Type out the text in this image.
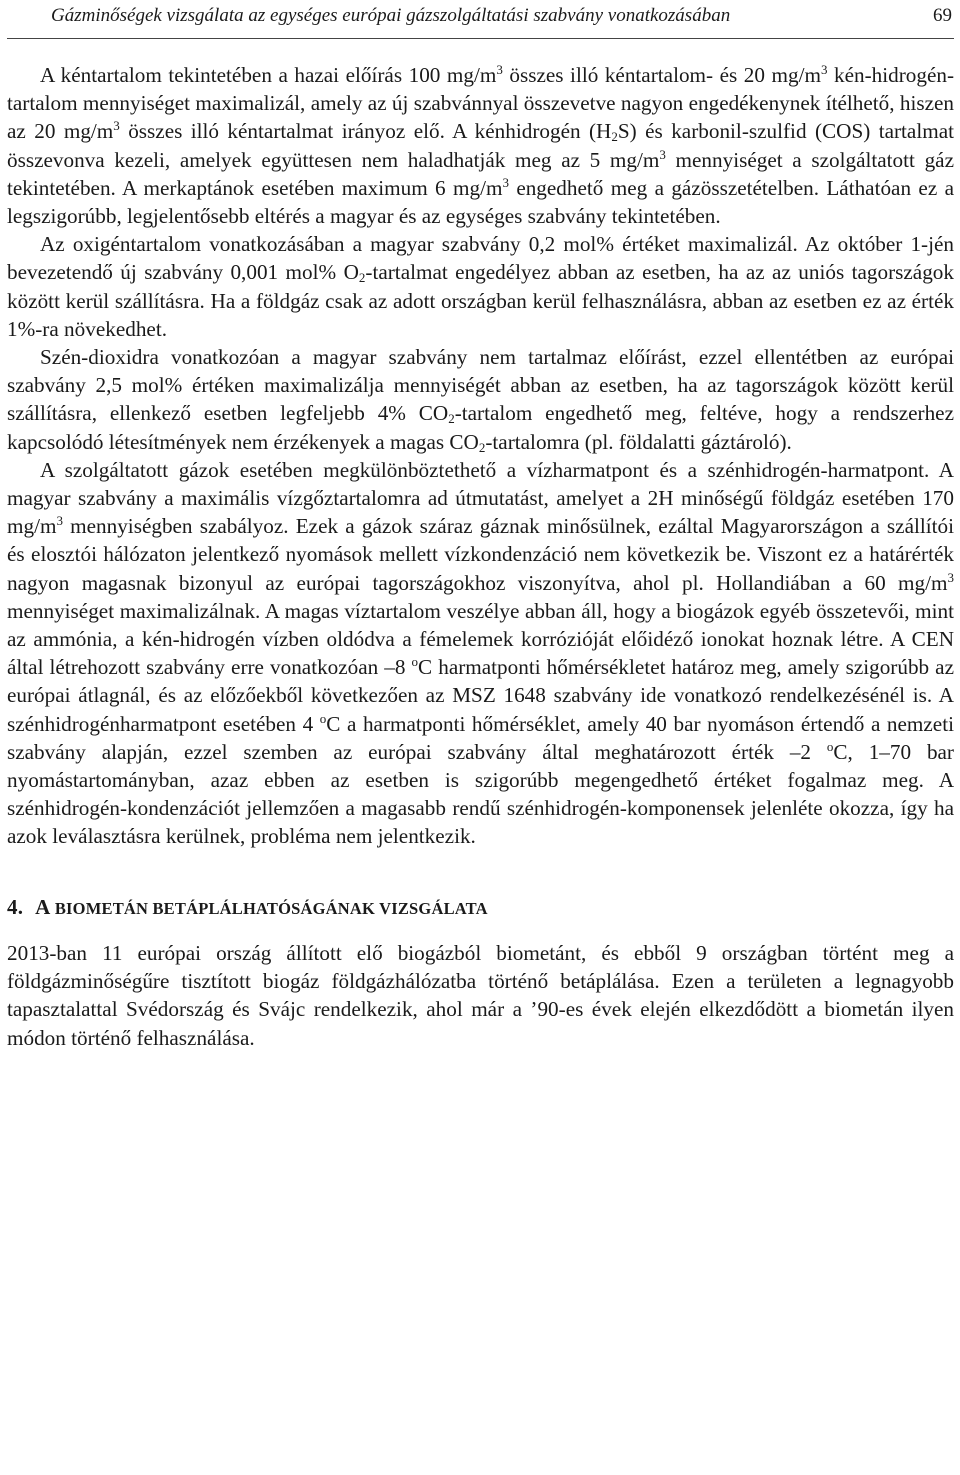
Gázminőségek vizsgálata az egységes európai gázszolgáltatási szabvány vonatkozásában	69

A kéntartalom tekintetében a hazai előírás 100 $mg/m^3$ összes illó kéntartalom- és 20 $mg/m^3$ kén-hidrogén-tartalom mennyiséget maximalizál, amely az új szabvánnyal összevetve nagyon engedékenynek ítélhető, hiszen az 20 $mg/m^3$ összes illó kéntartalmat irányoz elő. A kénhidrogén $(H_2S)$ és karbonil-szulfid (COS) tartalmat összevonva kezeli, amelyek együttesen nem haladhatják meg az 5 $mg/m^3$ mennyiséget a szolgáltatott gáz tekintetében. A merkaptánok esetében maximum 6 $mg/m^3$ engedhető meg a gázösszetételben. Láthatóan ez a legszigorúbb, legjelentősebb eltérés a magyar és az egységes szabvány tekintetében.

Az oxigéntartalom vonatkozásában a magyar szabvány 0,2 mol% értéket maximalizál. Az október 1-jén bevezetendő új szabvány 0,001 mol% $O_2$-tartalmat engedélyez abban az esetben, ha az az uniós tagországok között kerül szállításra. Ha a földgáz csak az adott országban kerül felhasználásra, abban az esetben ez az érték 1%-ra növekedhet.

Szén-dioxidra vonatkozóan a magyar szabvány nem tartalmaz előírást, ezzel ellentétben az európai szabvány 2,5 mol% értéken maximalizálja mennyiségét abban az esetben, ha az tagországok között kerül szállításra, ellenkező esetben legfeljebb 4% $CO_2$-tartalom engedhető meg, feltéve, hogy a rendszerhez kapcsolódó létesítmények nem érzékenyek a magas $CO_2$-tartalomra (pl. földalatti gáztároló).

A szolgáltatott gázok esetében megkülönböztethető a vízharmatpont és a szénhidrogén-harmatpont. A magyar szabvány a maximális vízgőztartalomra ad útmutatást, amelyet a 2H minőségű földgáz esetében 170 $mg/m^3$ mennyiségben szabályoz. Ezek a gázok száraz gáznak minősülnek, ezáltal Magyarországon a szállítói és elosztói hálózaton jelentkező nyomások mellett vízkondenzáció nem következik be. Viszont ez a határérték nagyon magasnak bizonyul az európai tagországokhoz viszonyítva, ahol pl. Hollandiában a 60 $mg/m^3$ mennyiséget maximalizálnak. A magas víztartalom veszélye abban áll, hogy a biogázok egyéb összetevői, mint az ammónia, a kén-hidrogén vízben oldódva a fémelemek korrózióját előidéző ionokat hoznak létre. A CEN által létrehozott szabvány erre vonatkozóan –8 $^o$C harmatponti hőmérsékletet határoz meg, amely szigorúbb az európai átlagnál, és az előzőekből következően az MSZ 1648 szabvány ide vonatkozó rendelkezésénél is. A szénhidrogénharmatpont esetében 4 $^o$C a harmatponti hőmérséklet, amely 40 bar nyomáson értendő a nemzeti szabvány alapján, ezzel szemben az európai szabvány által meghatározott érték –2 $^o$C, 1–70 bar nyomástartományban, azaz ebben az esetben is szigorúbb megengedhető értéket fogalmaz meg. A szénhidrogén-kondenzációt jellemzően a magasabb rendű szénhidrogén-komponensek jelenléte okozza, így ha azok leválasztásra kerülnek, probléma nem jelentkezik.

4. A BIOMETÁN BETÁPLÁLHATÓSÁGÁNAK VIZSGÁLATA

2013-ban 11 európai ország állított elő biogázból biometánt, és ebből 9 országban történt meg a földgázminőségűre tisztított biogáz földgázhálózatba történő betáplálása. Ezen a területen a legnagyobb tapasztalattal Svédország és Svájc rendelkezik, ahol már a ’90-es évek elején elkezdődött a biometán ilyen módon történő felhasználása.
